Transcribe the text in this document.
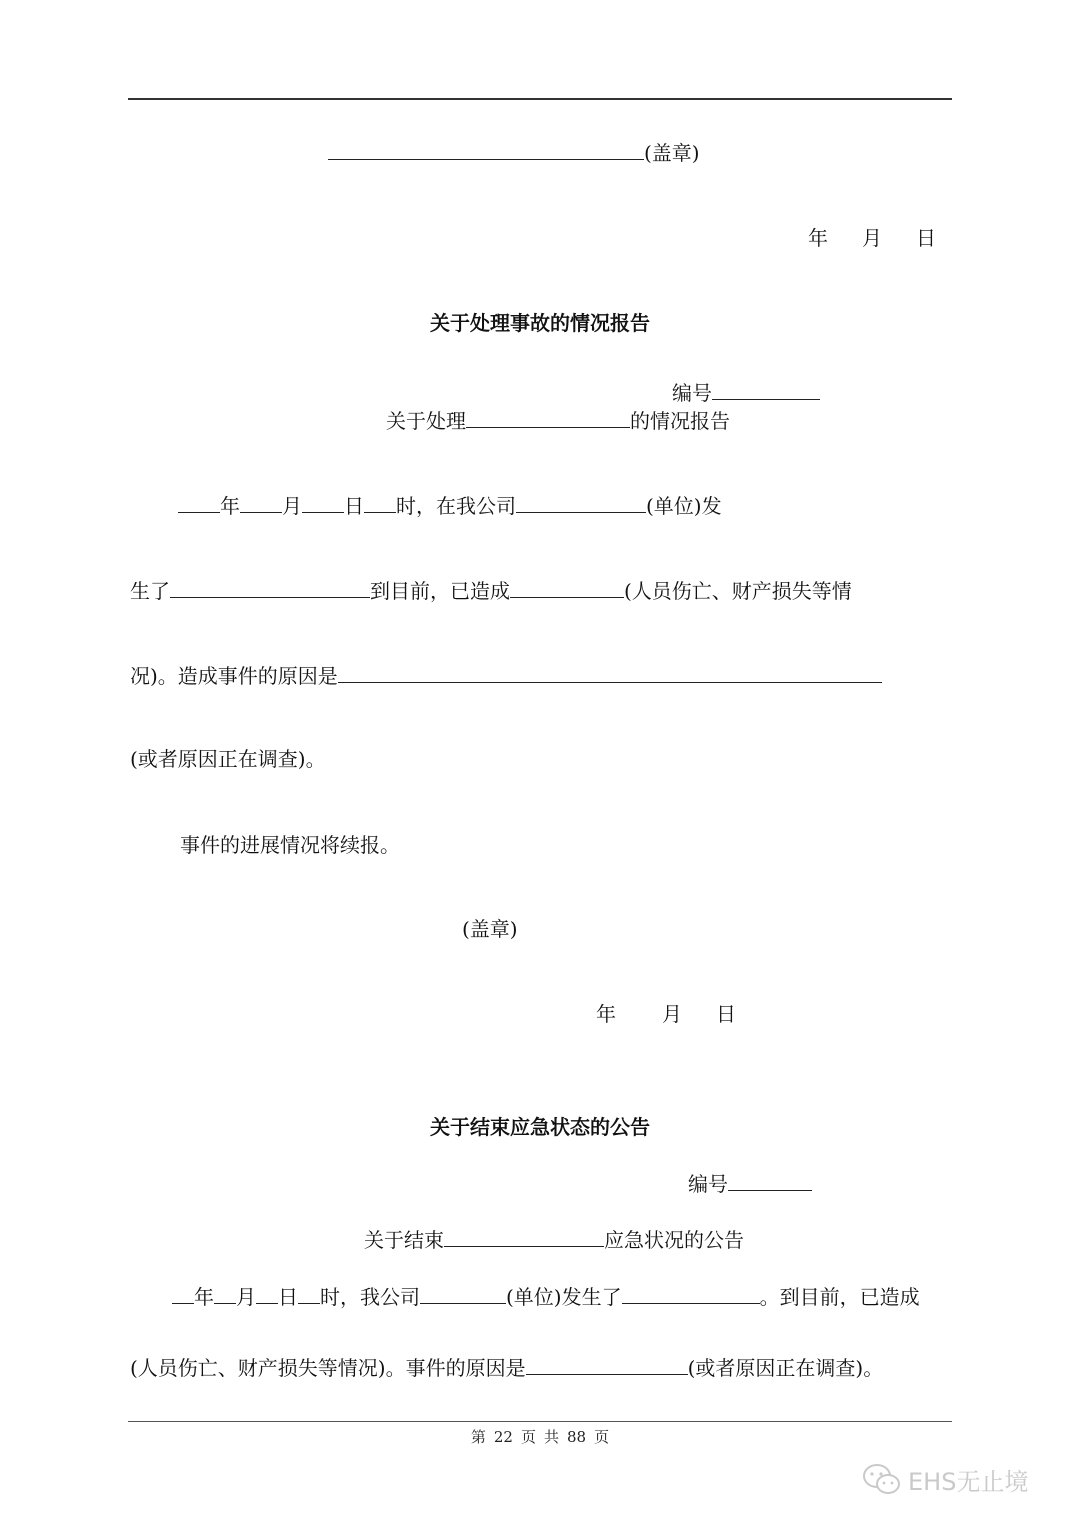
(盖章)
年 月 日
关于处理事故的情况报告
编号
关于处理	的情况报告
年 月 日 时，在我公司	(单位)发
生了	到目前，已造成	(人员伤亡、财产损失等情
况)。造成事件的原因是
(或者原因正在调查)。
事件的进展情况将续报。
(盖章)
年 月 日
关于结束应急状态的公告
编号
关于结束	应急状况的公告
年 月 日 时，我公司	(单位)发生了	。到目前，已造成
(人员伤亡、财产损失等情况)。事件的原因是	(或者原因正在调查)。
第 22 页 共 88 页
EHS无止境
